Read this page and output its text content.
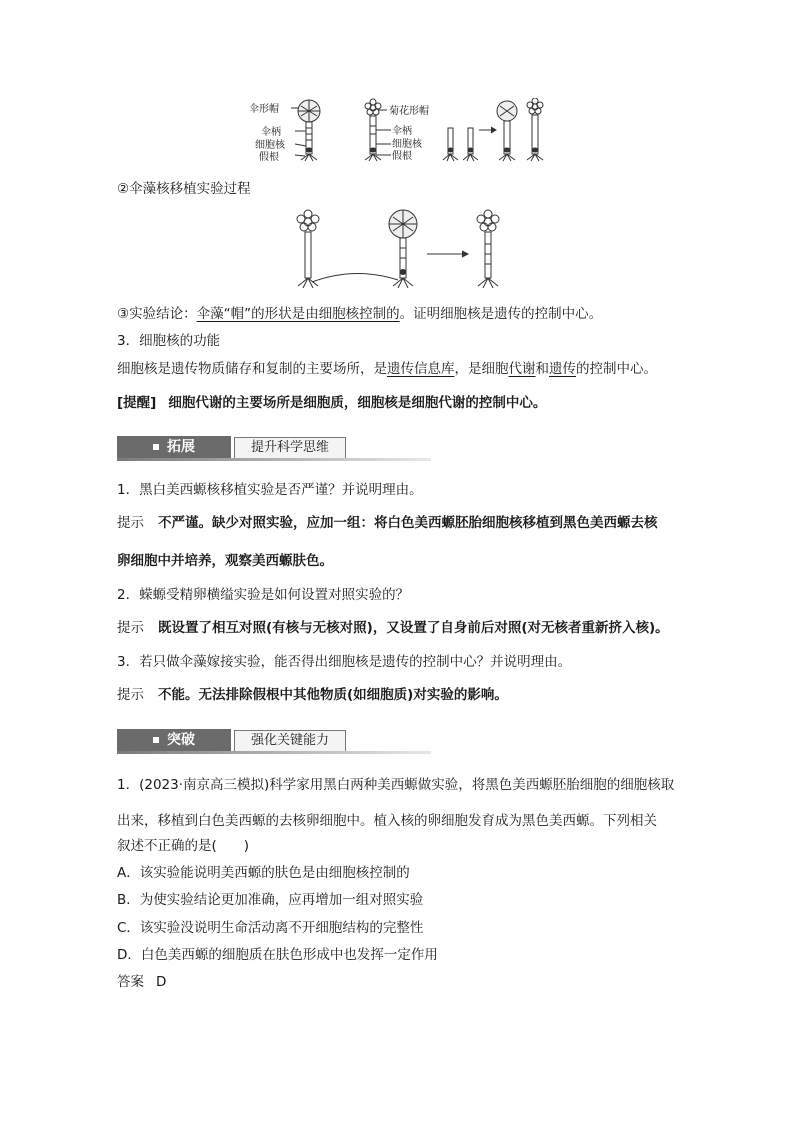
伞形帽
伞柄
细胞核
假根
菊花形帽
伞柄
细胞核
假根
②伞藻核移植实验过程
③实验结论：伞藻“帽”的形状是由细胞核控制的。证明细胞核是遗传的控制中心。
3．细胞核的功能
细胞核是遗传物质储存和复制的主要场所，是遗传信息库，是细胞代谢和遗传的控制中心。
[提醒] 细胞代谢的主要场所是细胞质，细胞核是细胞代谢的控制中心。
拓展	提升科学思维
1．黑白美西螈核移植实验是否严谨？并说明理由。
提示 不严谨。缺少对照实验，应加一组：将白色美西螈胚胎细胞核移植到黑色美西螈去核
卵细胞中并培养，观察美西螈肤色。
2．蝾螈受精卵横缢实验是如何设置对照实验的？
提示 既设置了相互对照(有核与无核对照)，又设置了自身前后对照(对无核者重新挤入核)。
3．若只做伞藻嫁接实验，能否得出细胞核是遗传的控制中心？并说明理由。
提示 不能。无法排除假根中其他物质(如细胞质)对实验的影响。
突破	强化关键能力
1．(2023·南京高三模拟)科学家用黑白两种美西螈做实验，将黑色美西螈胚胎细胞的细胞核取
出来，移植到白色美西螈的去核卵细胞中。植入核的卵细胞发育成为黑色美西螈。下列相关
叙述不正确的是(　　)
A．该实验能说明美西螈的肤色是由细胞核控制的
B．为使实验结论更加准确，应再增加一组对照实验
C．该实验没说明生命活动离不开细胞结构的完整性
D．白色美西螈的细胞质在肤色形成中也发挥一定作用
答案 D
